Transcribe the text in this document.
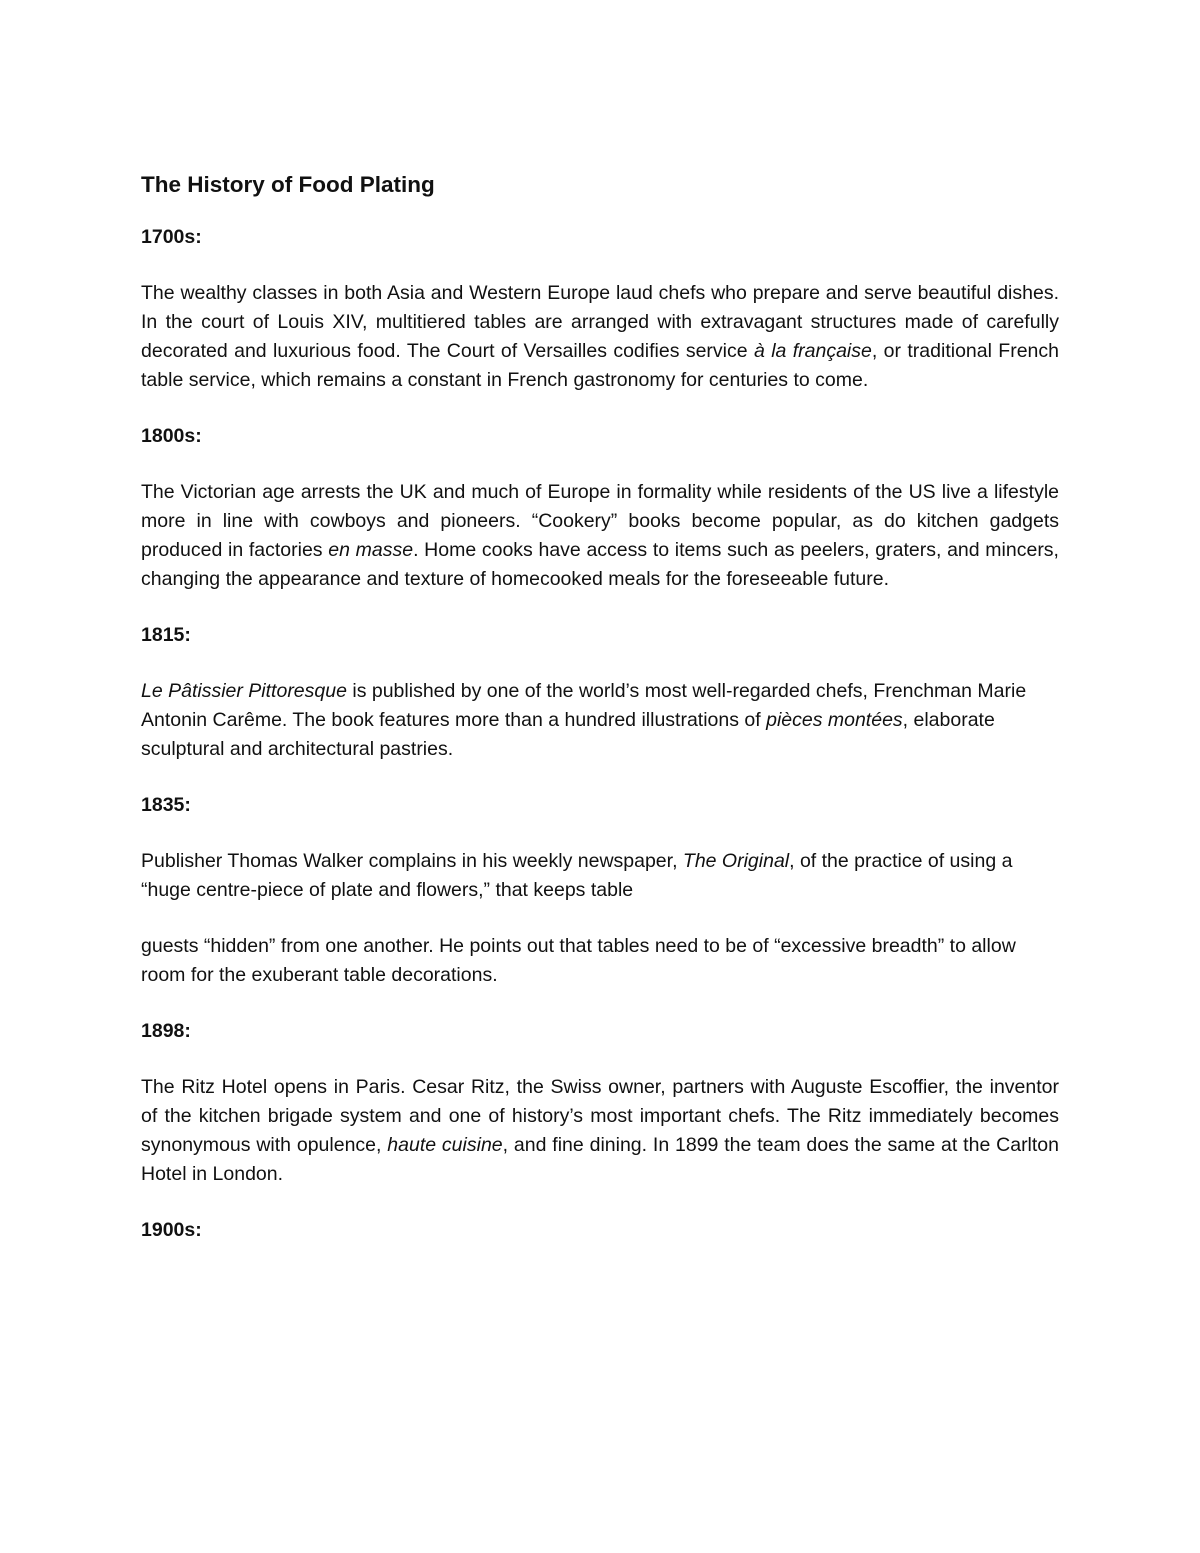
The History of Food Plating
1700s:

The wealthy classes in both Asia and Western Europe laud chefs who prepare and serve beautiful dishes. In the court of Louis XIV, multitiered tables are arranged with extravagant structures made of carefully decorated and luxurious food. The Court of Versailles codifies service à la française, or traditional French table service, which remains a constant in French gastronomy for centuries to come.

1800s:

The Victorian age arrests the UK and much of Europe in formality while residents of the US live a lifestyle more in line with cowboys and pioneers. “Cookery” books become popular, as do kitchen gadgets produced in factories en masse. Home cooks have access to items such as peelers, graters, and mincers, changing the appearance and texture of homecooked meals for the foreseeable future.

1815:

Le Pâtissier Pittoresque is published by one of the world’s most well-regarded chefs, Frenchman Marie Antonin Carême. The book features more than a hundred illustrations of pièces montées, elaborate sculptural and architectural pastries.

1835:

Publisher Thomas Walker complains in his weekly newspaper, The Original, of the practice of using a “huge centre-piece of plate and flowers,” that keeps table

guests “hidden” from one another. He points out that tables need to be of “excessive breadth” to allow room for the exuberant table decorations.

1898:

The Ritz Hotel opens in Paris. Cesar Ritz, the Swiss owner, partners with Auguste Escoffier, the inventor of the kitchen brigade system and one of history’s most important chefs. The Ritz immediately becomes synonymous with opulence, haute cuisine, and fine dining. In 1899 the team does the same at the Carlton Hotel in London.

1900s:
